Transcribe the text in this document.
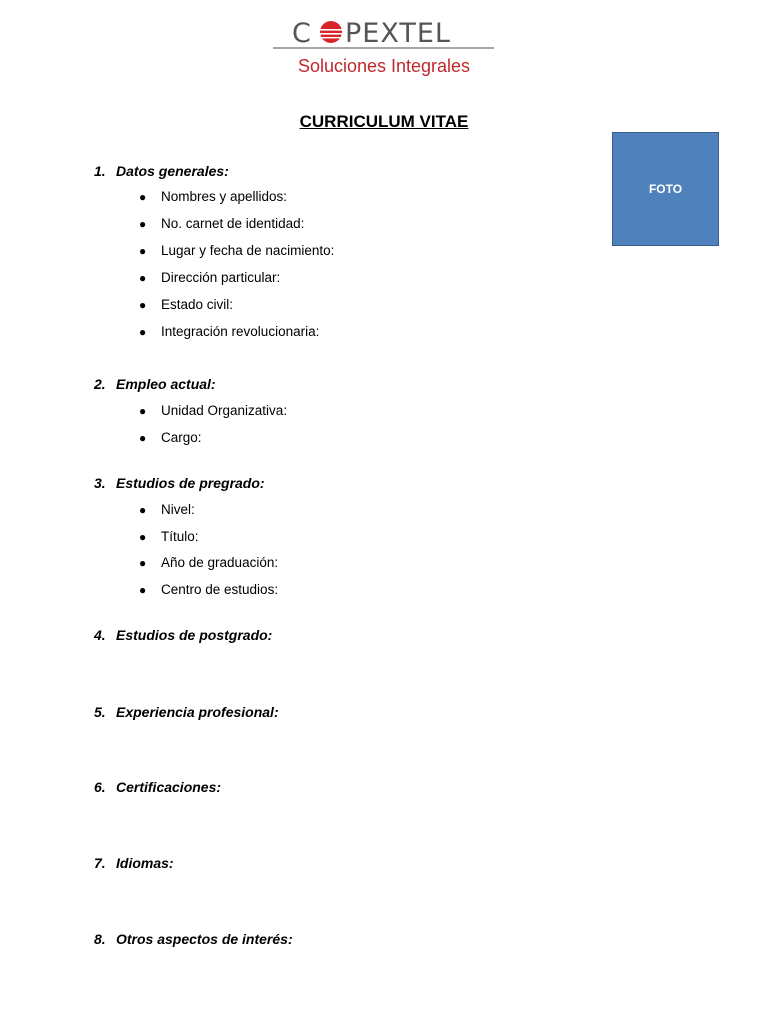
C PEXTEL
Soluciones Integrales
CURRICULUM VITAE
FOTO
1. Datos generales:
● Nombres y apellidos:
● No. carnet de identidad:
● Lugar y fecha de nacimiento:
● Dirección particular:
● Estado civil:
● Integración revolucionaria:
2. Empleo actual:
● Unidad Organizativa:
● Cargo:
3. Estudios de pregrado:
● Nivel:
● Título:
● Año de graduación:
● Centro de estudios:
4. Estudios de postgrado:
5. Experiencia profesional:
6. Certificaciones:
7. Idiomas:
8. Otros aspectos de interés:
